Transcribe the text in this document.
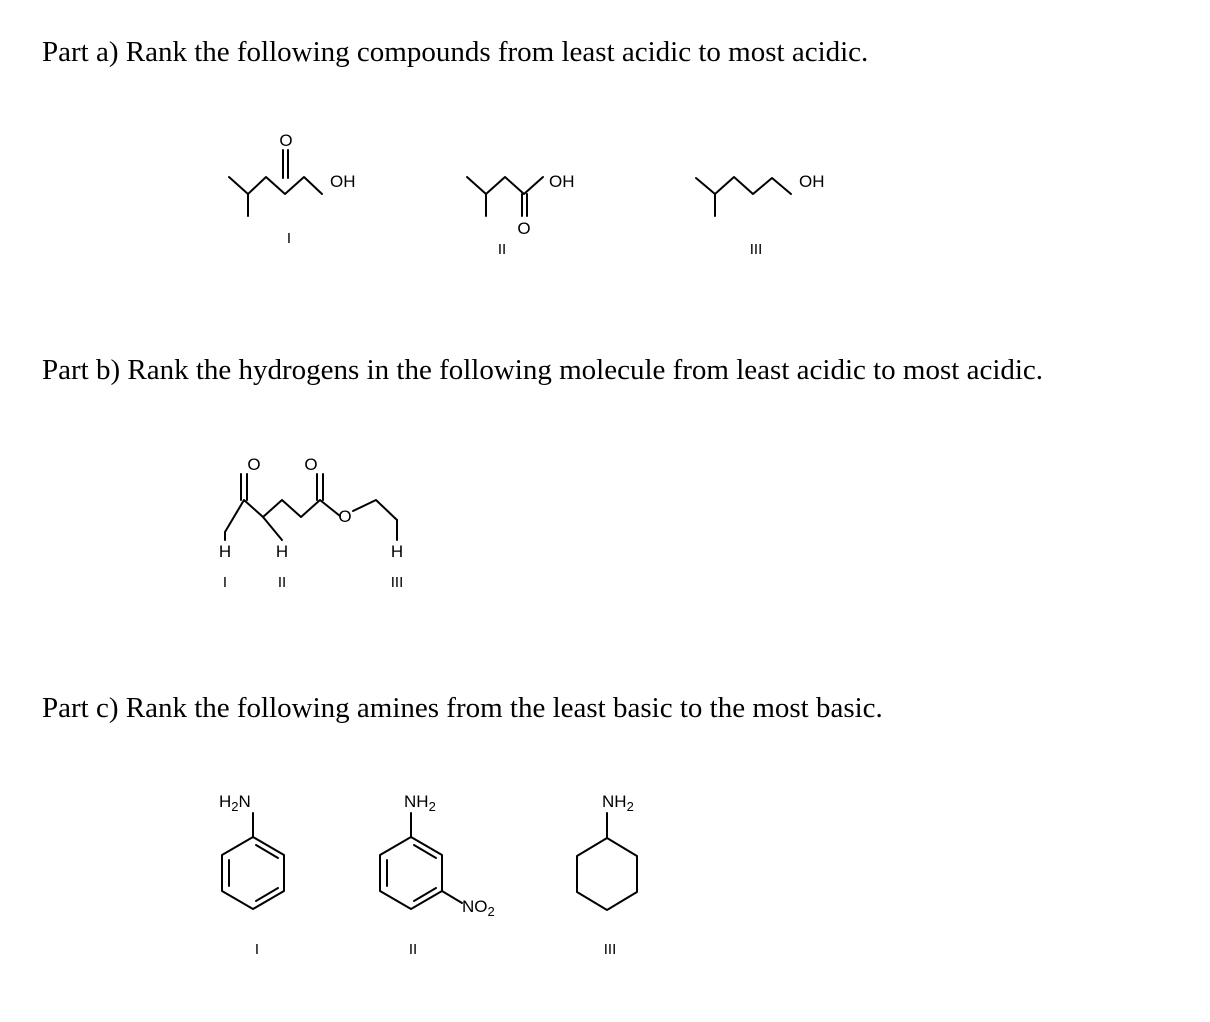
Part a) Rank the following compounds from least acidic to most acidic.
O
OH
I
O
OH
II
OH
III
Part b) Rank the hydrogens in the following molecule from least acidic to most acidic.
O	O
O
H	H	H
I	II	III
Part c) Rank the following amines from the least basic to the most basic.
$H_2N$
I
$NH_2$
$NO_2$
II
$NH_2$
III
